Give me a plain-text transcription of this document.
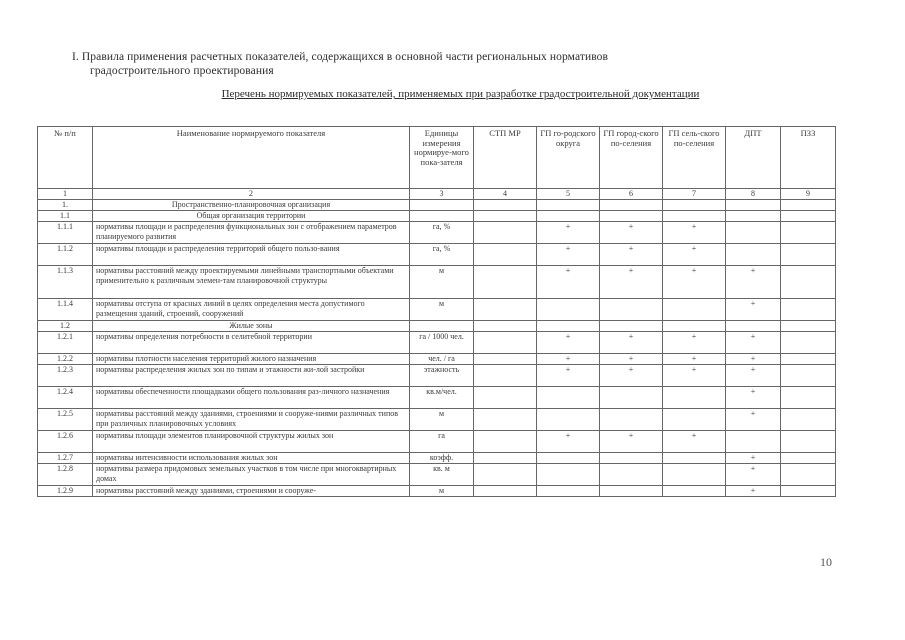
I. Правила применения расчетных показателей, содержащихся в основной части региональных нормативов
градостроительного проектирования
Перечень нормируемых показателей, применяемых при разработке градостроительной документации
№ п/п	Наименование нормируемого показателя	Единицы измерения нормируе-мого пока-зателя	СТП МР	ГП го-родского округа	ГП город-ского по-селения	ГП сель-ского по-селения	ДПТ	ПЗЗ
1	2	3	4	5	6	7	8	9
1.	Пространственно-планировочная организация							
1.1	Общая организация территории							
1.1.1	нормативы площади и распределения функциональных зон с отображением параметров планируемого развития	га, %		+	+	+		
1.1.2	нормативы площади и распределения территорий общего пользо-вания	га, %		+	+	+		
1.1.3	нормативы расстояний между проектируемыми линейными транспортными объектами применительно к различным элемен-там планировочной структуры	м		+	+	+	+	
1.1.4	нормативы отступа от красных линий в целях определения места допустимого размещения зданий, строений, сооружений	м					+	
1.2	Жилые зоны							
1.2.1	нормативы определения потребности в селитебной территории	га / 1000 чел.		+	+	+	+	
1.2.2	нормативы плотности населения территорий жилого назначения	чел. / га		+	+	+	+	
1.2.3	нормативы распределения жилых зон по типам и этажности жи-лой застройки	этажность		+	+	+	+	
1.2.4	нормативы обеспеченности площадками общего пользования раз-личного назначения	кв.м/чел.					+	
1.2.5	нормативы расстояний между зданиями, строениями и сооруже-ниями различных типов при различных планировочных условиях	м					+	
1.2.6	нормативы площади элементов планировочной структуры жилых зон	га		+	+	+		
1.2.7	нормативы интенсивности использования жилых зон	коэфф.					+	
1.2.8	нормативы размера придомовых земельных участков в том числе при многоквартирных домах	кв. м					+	
1.2.9	нормативы расстояний между зданиями, строениями и сооруже-	м					+	
10
